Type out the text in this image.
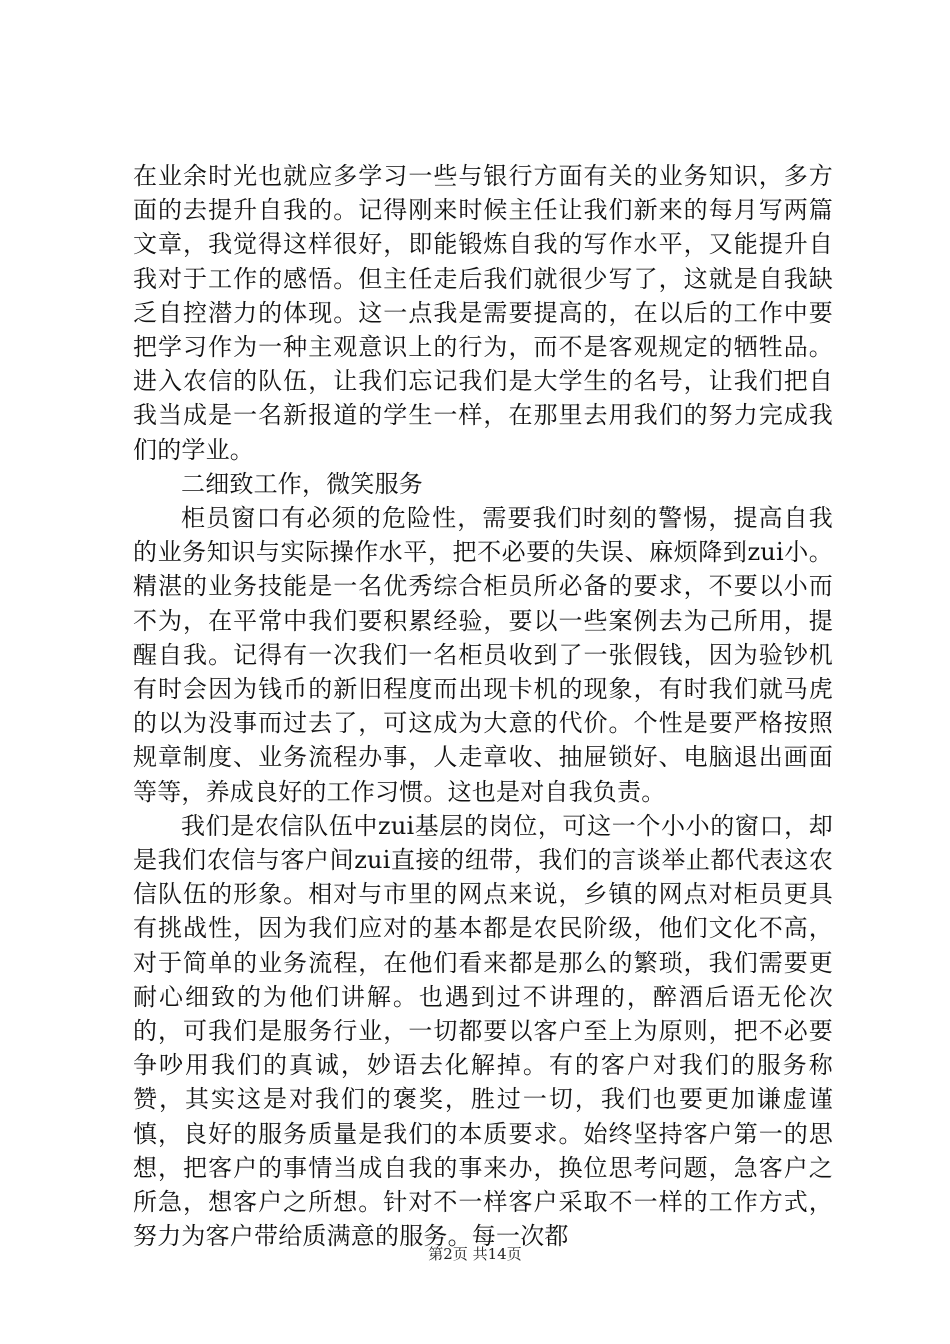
在业余时光也就应多学习一些与银行方面有关的业务知识，多方面的去提升自我的。记得刚来时候主任让我们新来的每月写两篇文章，我觉得这样很好，即能锻炼自我的写作水平，又能提升自我对于工作的感悟。但主任走后我们就很少写了，这就是自我缺乏自控潜力的体现。这一点我是需要提高的，在以后的工作中要把学习作为一种主观意识上的行为，而不是客观规定的牺牲品。进入农信的队伍，让我们忘记我们是大学生的名号，让我们把自我当成是一名新报道的学生一样，在那里去用我们的努力完成我们的学业。

二细致工作，微笑服务

柜员窗口有必须的危险性，需要我们时刻的警惕，提高自我的业务知识与实际操作水平，把不必要的失误、麻烦降到zui小。精湛的业务技能是一名优秀综合柜员所必备的要求，不要以小而不为，在平常中我们要积累经验，要以一些案例去为己所用，提醒自我。记得有一次我们一名柜员收到了一张假钱，因为验钞机有时会因为钱币的新旧程度而出现卡机的现象，有时我们就马虎的以为没事而过去了，可这成为大意的代价。个性是要严格按照规章制度、业务流程办事，人走章收、抽屉锁好、电脑退出画面等等，养成良好的工作习惯。这也是对自我负责。

我们是农信队伍中zui基层的岗位，可这一个小小的窗口，却是我们农信与客户间zui直接的纽带，我们的言谈举止都代表这农信队伍的形象。相对与市里的网点来说，乡镇的网点对柜员更具有挑战性，因为我们应对的基本都是农民阶级，他们文化不高，对于简单的业务流程，在他们看来都是那么的繁琐，我们需要更耐心细致的为他们讲解。也遇到过不讲理的，醉酒后语无伦次的，可我们是服务行业，一切都要以客户至上为原则，把不必要争吵用我们的真诚，妙语去化解掉。有的客户对我们的服务称赞，其实这是对我们的褒奖，胜过一切，我们也要更加谦虚谨慎，良好的服务质量是我们的本质要求。始终坚持客户第一的思想，把客户的事情当成自我的事来办，换位思考问题，急客户之所急，想客户之所想。针对不一样客户采取不一样的工作方式，努力为客户带给质满意的服务。每一次都

第2页 共14页
